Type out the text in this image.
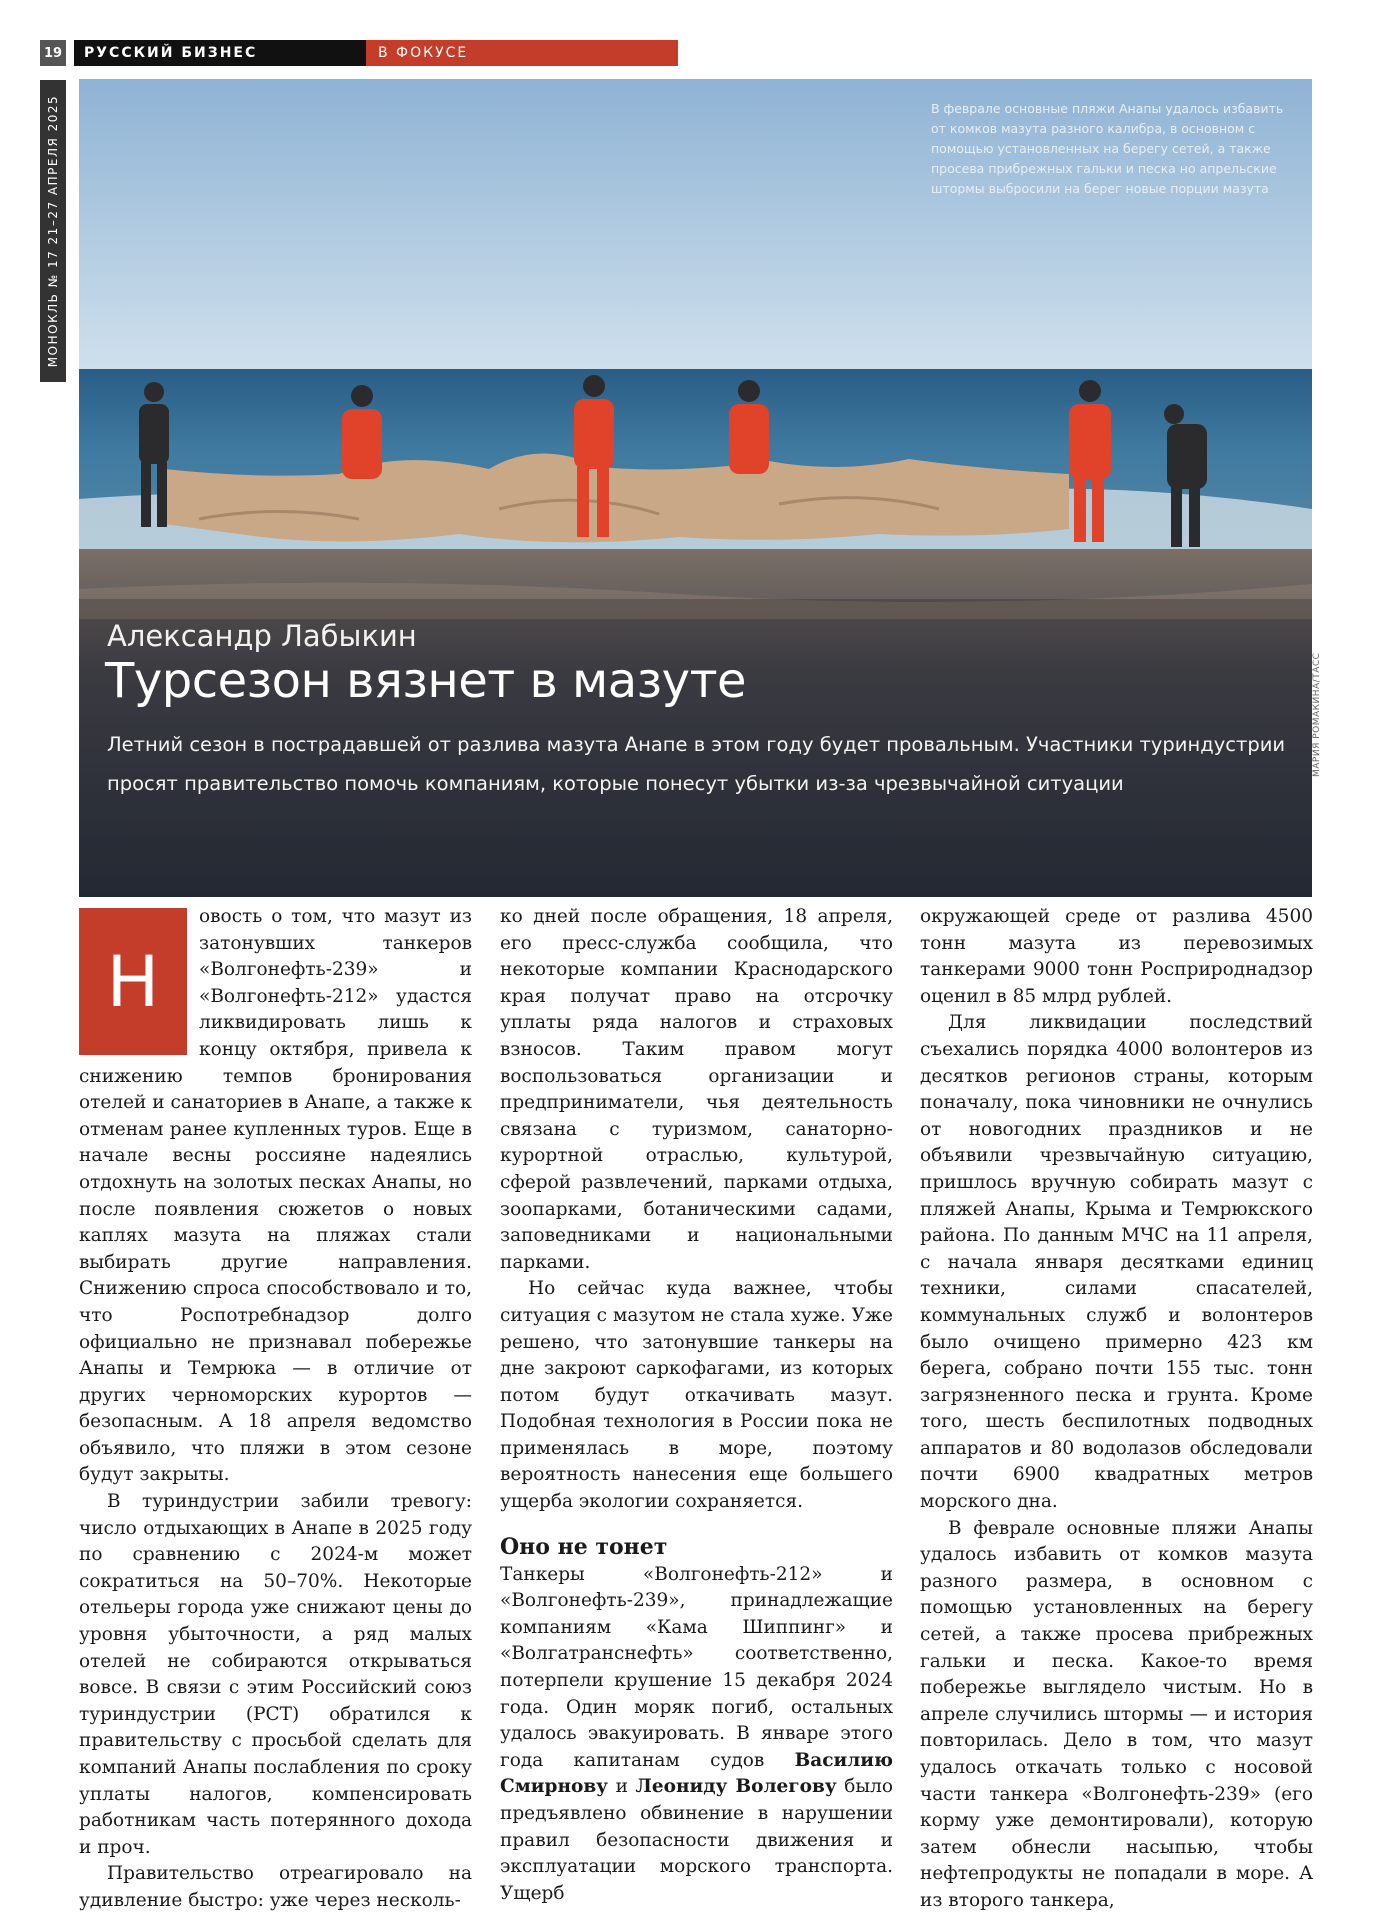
19	РУССКИЙ БИЗНЕС	В ФОКУСЕ
МОНОКЛЬ № 17 21–27 АПРЕЛЯ 2025	В феврале основные пляжи Анапы удалось избавить от комков мазута разного калибра, в основном с помощью установленных на берегу сетей, а также просева прибрежных гальки и песка но апрельские штормы выбросили на берег новые порции мазута
Александр Лабыкин
Турсезон вязнет в мазуте
Летний сезон в пострадавшей от разлива мазута Анапе в этом году будет провальным. Участники туриндустрии просят правительство помочь компаниям, которые понесут убытки из-за чрезвычайной ситуации
МАРИЯ РОМАКИНА/ТАСС
Н

овость о том, что мазут из затонувших танкеров «Волгонефть-239» и «Волгонефть-212» удастся ликвидировать лишь к концу октября, привела к снижению темпов бронирования отелей и санаториев в Анапе, а также к отменам ранее купленных туров. Еще в начале весны россияне надеялись отдохнуть на золотых песках Анапы, но после появления сюжетов о новых каплях мазута на пляжах стали выбирать другие направления. Снижению спроса способствовало и то, что Роспотребнадзор долго официально не признавал побережье Анапы и Темрюка — в отличие от других черноморских курортов — безопасным. А 18 апреля ведомство объявило, что пляжи в этом сезоне будут закрыты.

В туриндустрии забили тревогу: число отдыхающих в Анапе в 2025 году по сравнению с 2024-м может сократиться на 50–70%. Некоторые отельеры города уже снижают цены до уровня убыточности, а ряд малых отелей не собираются открываться вовсе. В связи с этим Российский союз туриндустрии (РСТ) обратился к правительству с просьбой сделать для компаний Анапы послабления по сроку уплаты налогов, компенсировать работникам часть потерянного дохода и проч.

Правительство отреагировало на удивление быстро: уже через несколь-

ко дней после обращения, 18 апреля, его пресс-служба сообщила, что некоторые компании Краснодарского края получат право на отсрочку уплаты ряда налогов и страховых взносов. Таким правом могут воспользоваться организации и предприниматели, чья деятельность связана с туризмом, санаторно-курортной отраслью, культурой, сферой развлечений, парками отдыха, зоопарками, ботаническими садами, заповедниками и национальными парками.

Но сейчас куда важнее, чтобы ситуация с мазутом не стала хуже. Уже решено, что затонувшие танкеры на дне закроют саркофагами, из которых потом будут откачивать мазут. Подобная технология в России пока не применялась в море, поэтому вероятность нанесения еще большего ущерба экологии сохраняется.

Оно не тонет

Танкеры «Волгонефть-212» и «Волгонефть-239», принадлежащие компаниям «Кама Шиппинг» и «Волгатранснефть» соответственно, потерпели крушение 15 декабря 2024 года. Один моряк погиб, остальных удалось эвакуировать. В январе этого года капитанам судов Василию Смирнову и Леониду Волегову было предъявлено обвинение в нарушении правил безопасности движения и эксплуатации морского транспорта. Ущерб

окружающей среде от разлива 4500 тонн мазута из перевозимых танкерами 9000 тонн Росприроднадзор оценил в 85 млрд рублей.

Для ликвидации последствий съехались порядка 4000 волонтеров из десятков регионов страны, которым поначалу, пока чиновники не очнулись от новогодних праздников и не объявили чрезвычайную ситуацию, пришлось вручную собирать мазут с пляжей Анапы, Крыма и Темрюкского района. По данным МЧС на 11 апреля, с начала января десятками единиц техники, силами спасателей, коммунальных служб и волонтеров было очищено примерно 423 км берега, собрано почти 155 тыс. тонн загрязненного песка и грунта. Кроме того, шесть беспилотных подводных аппаратов и 80 водолазов обследовали почти 6900 квадратных метров морского дна.

В феврале основные пляжи Анапы удалось избавить от комков мазута разного размера, в основном с помощью установленных на берегу сетей, а также просева прибрежных гальки и песка. Какое-то время побережье выглядело чистым. Но в апреле случились штормы — и история повторилась. Дело в том, что мазут удалось откачать только с носовой части танкера «Волгонефть-239» (его корму уже демонтировали), которую затем обнесли насыпью, чтобы нефтепродукты не попадали в море. А из второго танкера,
